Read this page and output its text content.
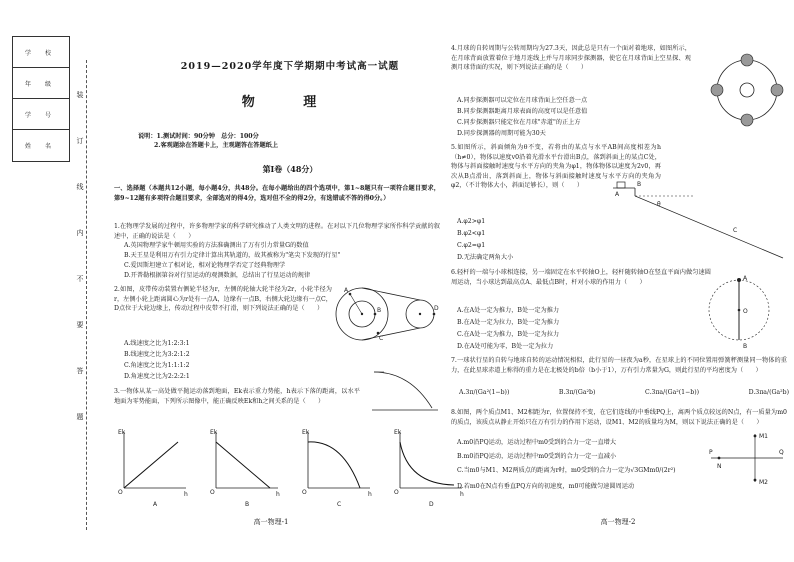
学 校
年 级
学 号
姓 名
装
订
线
内
不
要
答
题
2019—2020学年度下学期期中考试高一试题
物 理
说明：1.测试时间：90分钟　总分：100分
2.客观题涂在答题卡上，主观题答在答题纸上
第Ⅰ卷（48分）
一、选择题（本题共12小题，每小题4分，共48分。在每小题给出的四个选项中，第1~8题只有一项符合题目要求，第9~12题有多项符合题目要求，全部选对的得4分，选对但不全的得2分，有选错或不答的得0分。）
1.在物理学发展的过程中，许多物理学家的科学研究推动了人类文明的进程。在对以下几位物理学家所作科学贡献的叙述中，正确的说法是（　　）
A.英国物理学家牛顿用实验的方法准确测出了万有引力常量G的数值
B.天王星是利用万有引力定律计算出其轨道的，故其被称为"笔尖下发现的行星"
C.爱因斯坦建立了相对论，相对论物理学否定了经典物理学
D.开普勒根据第谷对行星运动的观测数据，总结出了行星运动的规律
2.如图，皮带传动装置右侧轮半径为r，左侧的轮轴大轮半径为2r，小轮半径为r，左侧小轮上距离圆心为r处有一点A，边缘有一点B，右侧大轮边缘有一点C，D点位于大轮边缘上，传动过程中皮带不打滑，则下列说法正确的是（　　）
A.线速度之比为1:2:3:1
B.线速度之比为3:2:1:2
C.角速度之比为1:1:1:2
D.角速度之比为2:2:2:1
A
B
C
D
3.一物体从某一高处做平抛运动落到地面，Ek表示重力势能，h表示下落的距离，以水平地面为零势能面，下列所示图像中，能正确反映Ek和h之间关系的是（　　）
Ek
h
O
A
Ek
h
O
B
Ek
h
O
C
Ek
h
O
D
高一物理-1
4.月球的自转周期与公转周期均为27.3天，因此总是只有一个面对着地球，如图所示，在月球背面放置着位于地月连线上并与月球同步探测器，使它在月球背面上空星探、观测月球背面的实况，则下列说法正确的是（　　）
A.同步探测器可以定位在月球背面上空任意一点
B.同步探测器距离月球表面的高度可以是任意值
C.同步探测器只能定位在月球"赤道"的正上方
D.同步探测器的周期可能为30天
5.如图所示，斜面倾角为θ不变，若将由的某点与水平AB间高度相差为h（h≠0），物体以速度v0沿着光滑水平台滑出B点，落到斜面上的某点C处，物体与斜面接触时速度与水平方向的夹角为φ1，物体物体以速度为2v0，再次从B点滑出，落到斜面上，物体与斜面接触时速度与水平方向的夹角为φ2，（不计物体大小，斜面足够长），则（　　）
A.φ2>φ1
B.φ2<φ1
C.φ2=φ1
D.无法确定两角大小
A
B
C
θ
6.轻杆的一端与小球相连接，另一端固定在水平转轴O上，轻杆随转轴O在竖直平面内做匀速圆周运动，当小球达到最高点A、最低点B时，杆对小球的作用力（　　）
A.在A处一定为推力，B处一定为推力
B.在A处一定为拉力，B处一定为推力
C.在A处一定为推力，B处一定为拉力
D.在A处可能为零，B处一定为拉力
A
O
B
7.一球状行星的自转与地球自转的运动情况相似，此行星的一昼夜为a秒，在星球上的不同位置用弹簧秤测量同一物体的重力，在此星球赤道上称得的重力是在北极处的b倍（b小于1），万有引力常量为G，则此行星的平均密度为（　　）
A.3π/(Ga²(1−b))	B.3π/(Ga²b)	C.3πa/(Ga²(1−b))	D.3πa/(Ga²b)
8.如图，两个质点M1、M2相距为r，位置保持不变，在它们连线的中垂线PQ上，离两个质点较远的N点，有一质量为m0的质点，该质点从静止开始只在万有引力的作用下运动，设M1、M2的质量均为M，则以下说法正确的是（　　）
A.m0沿PQ运动，运动过程中m0受到的合力一定一直增大
B.m0沿PQ运动，运动过程中m0受到的合力一定一直减小
C.当m0与M1、M2两质点的距离为r时，m0受到的合力一定为√3GMm0/(2r²)
D.若m0在N点有垂直PQ方向的初速度，m0可能做匀速圆周运动
M1
M2
P	Q
N
高一物理-2
